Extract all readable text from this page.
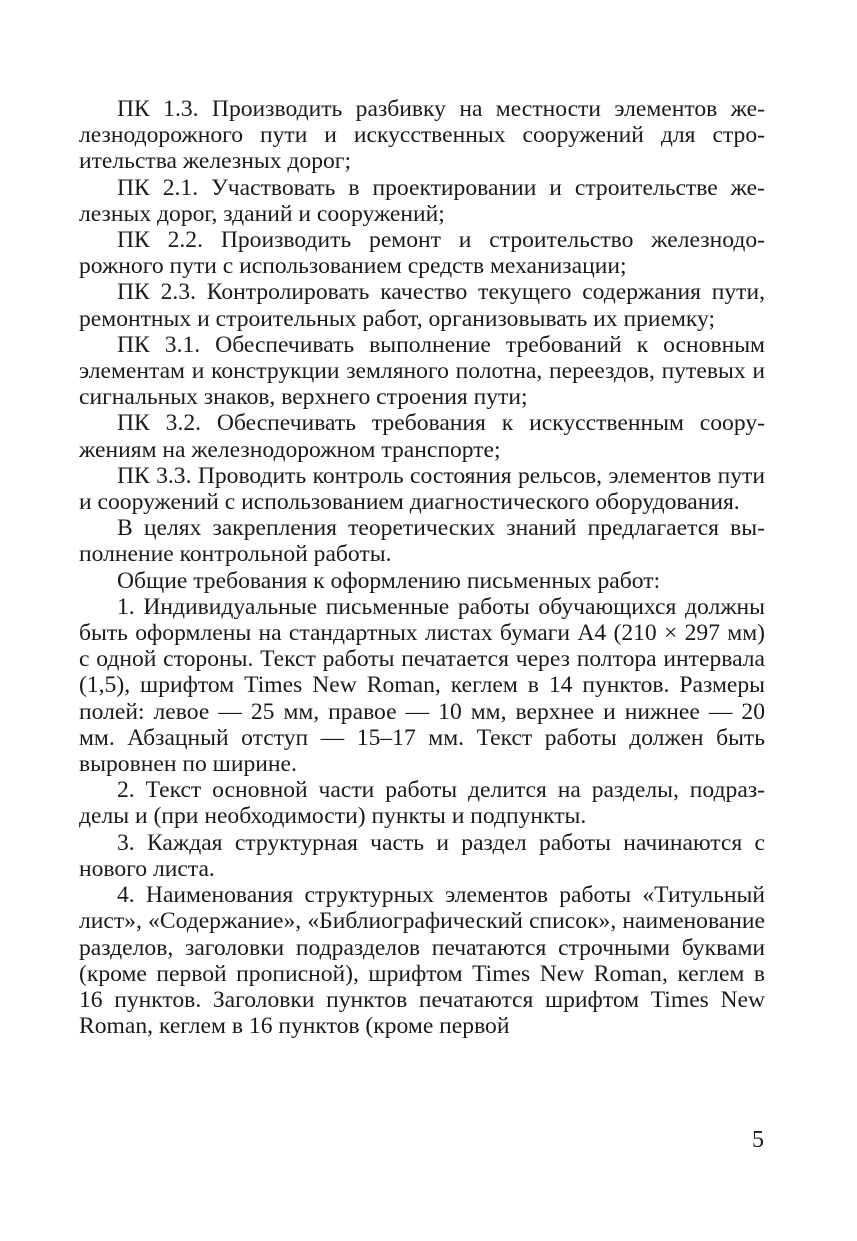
ПК 1.3. Производить разбивку на местности элементов железнодорожного пути и искусственных сооружений для строительства железных дорог;

ПК 2.1. Участвовать в проектировании и строительстве железных дорог, зданий и сооружений;

ПК 2.2. Производить ремонт и строительство железнодорожного пути с использованием средств механизации;

ПК 2.3. Контролировать качество текущего содержания пути, ремонтных и строительных работ, организовывать их приемку;

ПК 3.1. Обеспечивать выполнение требований к основным элементам и конструкции земляного полотна, переездов, путевых и сигнальных знаков, верхнего строения пути;

ПК 3.2. Обеспечивать требования к искусственным сооружениям на железнодорожном транспорте;

ПК 3.3. Проводить контроль состояния рельсов, элементов пути и сооружений с использованием диагностического оборудования.

В целях закрепления теоретических знаний предлагается выполнение контрольной работы.

Общие требования к оформлению письменных работ:

1. Индивидуальные письменные работы обучающихся должны быть оформлены на стандартных листах бумаги А4 (210 × 297 мм) с одной стороны. Текст работы печатается через полтора интервала (1,5), шрифтом Times New Roman, кеглем в 14 пунктов. Размеры полей: левое — 25 мм, правое — 10 мм, верхнее и нижнее — 20 мм. Абзацный отступ — 15–17 мм. Текст работы должен быть выровнен по ширине.

2. Текст основной части работы делится на разделы, подразделы и (при необходимости) пункты и подпункты.

3. Каждая структурная часть и раздел работы начинаются с нового листа.

4. Наименования структурных элементов работы «Титульный лист», «Содержание», «Библиографический список», наименование разделов, заголовки подразделов печатаются строчными буквами (кроме первой прописной), шрифтом Times New Roman, кеглем в 16 пунктов. Заголовки пунктов печатаются шрифтом Times New Roman, кеглем в 16 пунктов (кроме первой

5
